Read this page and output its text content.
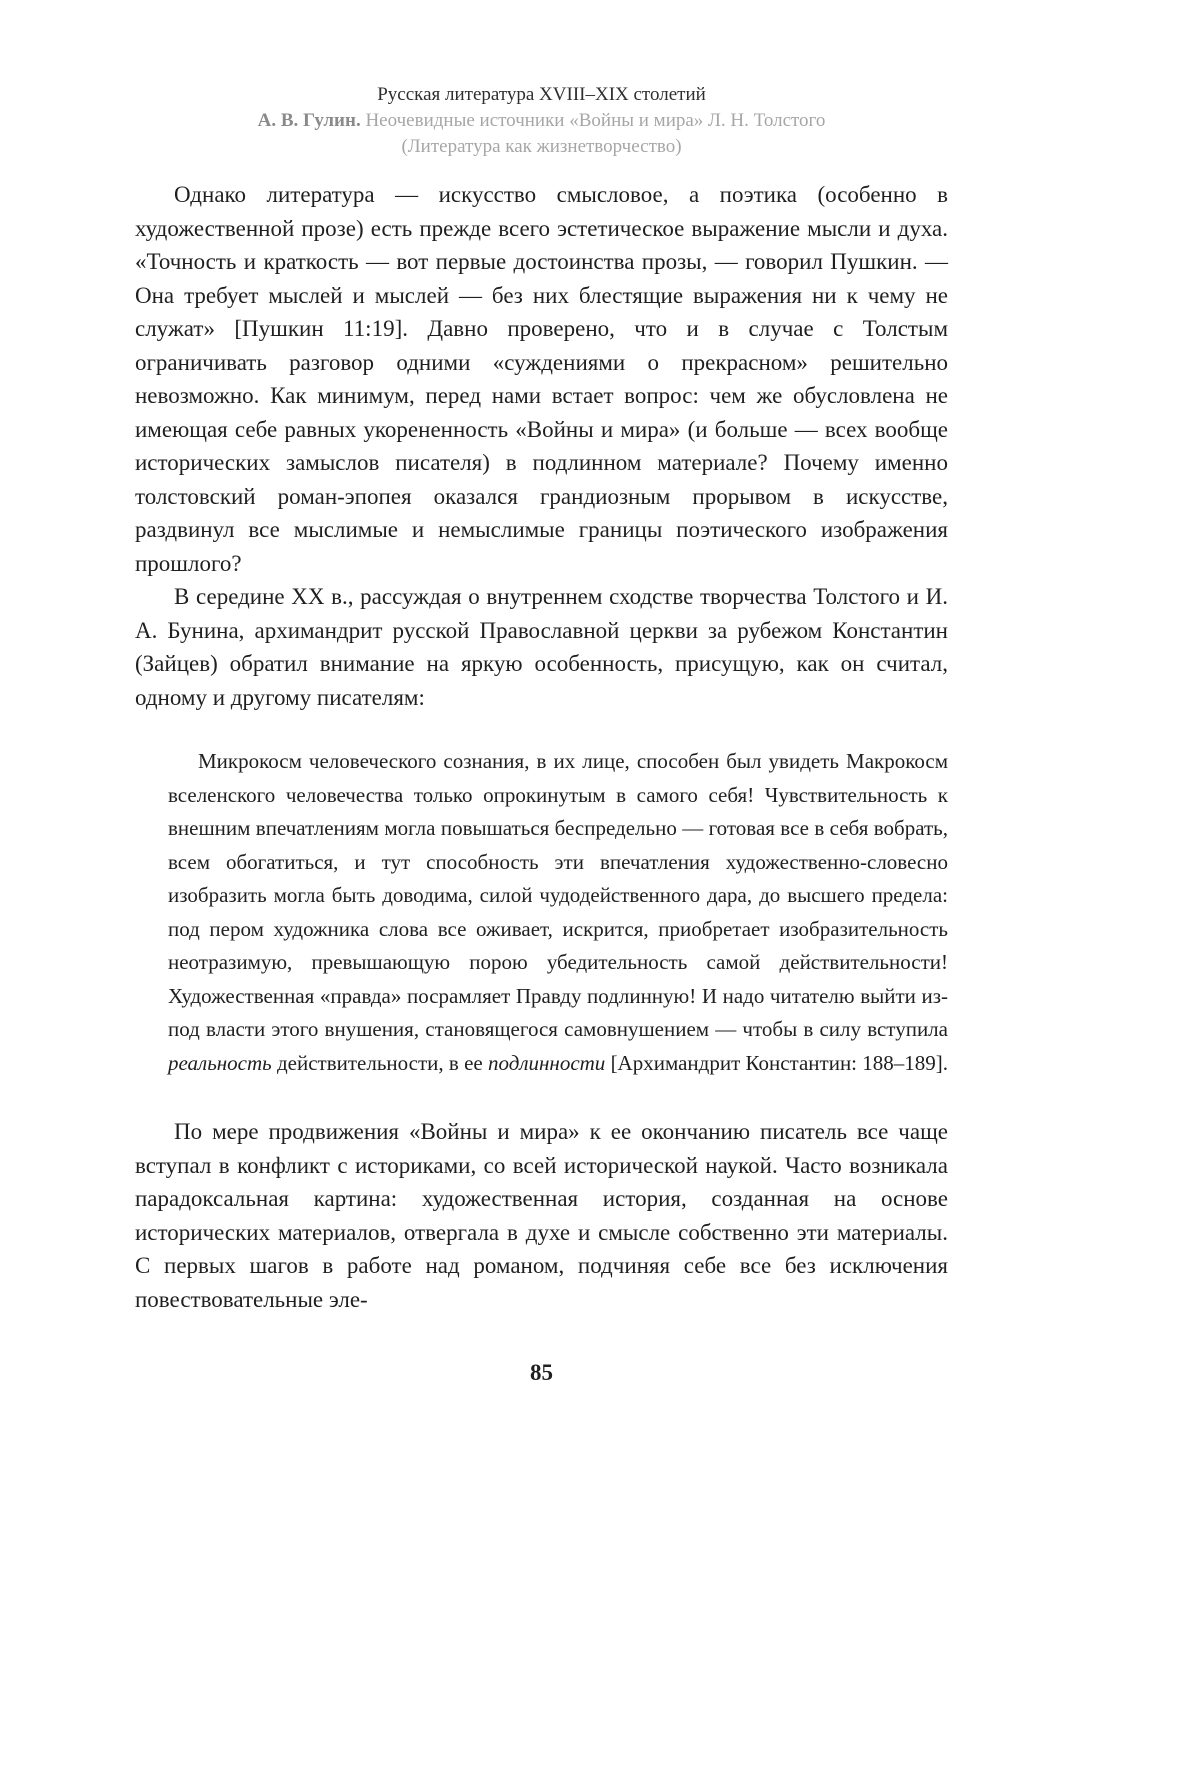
Русская литература XVIII–XIX столетий
А. В. Гулин. Неочевидные источники «Войны и мира» Л. Н. Толстого
(Литература как жизнетворчество)

Однако литература — искусство смысловое, а поэтика (особенно в художественной прозе) есть прежде всего эстетическое выражение мысли и духа. «Точность и краткость — вот первые достоинства прозы, — говорил Пушкин. — Она требует мыслей и мыслей — без них блестящие выражения ни к чему не служат» [Пушкин 11:19]. Давно проверено, что и в случае с Толстым ограничивать разговор одними «суждениями о прекрасном» решительно невозможно. Как минимум, перед нами встает вопрос: чем же обусловлена не имеющая себе равных укорененность «Войны и мира» (и больше — всех вообще исторических замыслов писателя) в подлинном материале? Почему именно толстовский роман-эпопея оказался грандиозным прорывом в искусстве, раздвинул все мыслимые и немыслимые границы поэтического изображения прошлого?

В середине XX в., рассуждая о внутреннем сходстве творчества Толстого и И. А. Бунина, архимандрит русской Православной церкви за рубежом Константин (Зайцев) обратил внимание на яркую особенность, присущую, как он считал, одному и другому писателям:

Микрокосм человеческого сознания, в их лице, способен был увидеть Макрокосм вселенского человечества только опрокинутым в самого себя! Чувствительность к внешним впечатлениям могла повышаться беспредельно — готовая все в себя вобрать, всем обогатиться, и тут способность эти впечатления художественно-словесно изобразить могла быть доводима, силой чудодейственного дара, до высшего предела: под пером художника слова все оживает, искрится, приобретает изобразительность неотразимую, превышающую порою убедительность самой действительности! Художественная «правда» посрамляет Правду подлинную! И надо читателю выйти из-под власти этого внушения, становящегося самовнушением — чтобы в силу вступила реальность действительности, в ее подлинности [Архимандрит Константин: 188–189].

По мере продвижения «Войны и мира» к ее окончанию писатель все чаще вступал в конфликт с историками, со всей исторической наукой. Часто возникала парадоксальная картина: художественная история, созданная на основе исторических материалов, отвергала в духе и смысле собственно эти материалы. С первых шагов в работе над романом, подчиняя себе все без исключения повествовательные эле-

85
